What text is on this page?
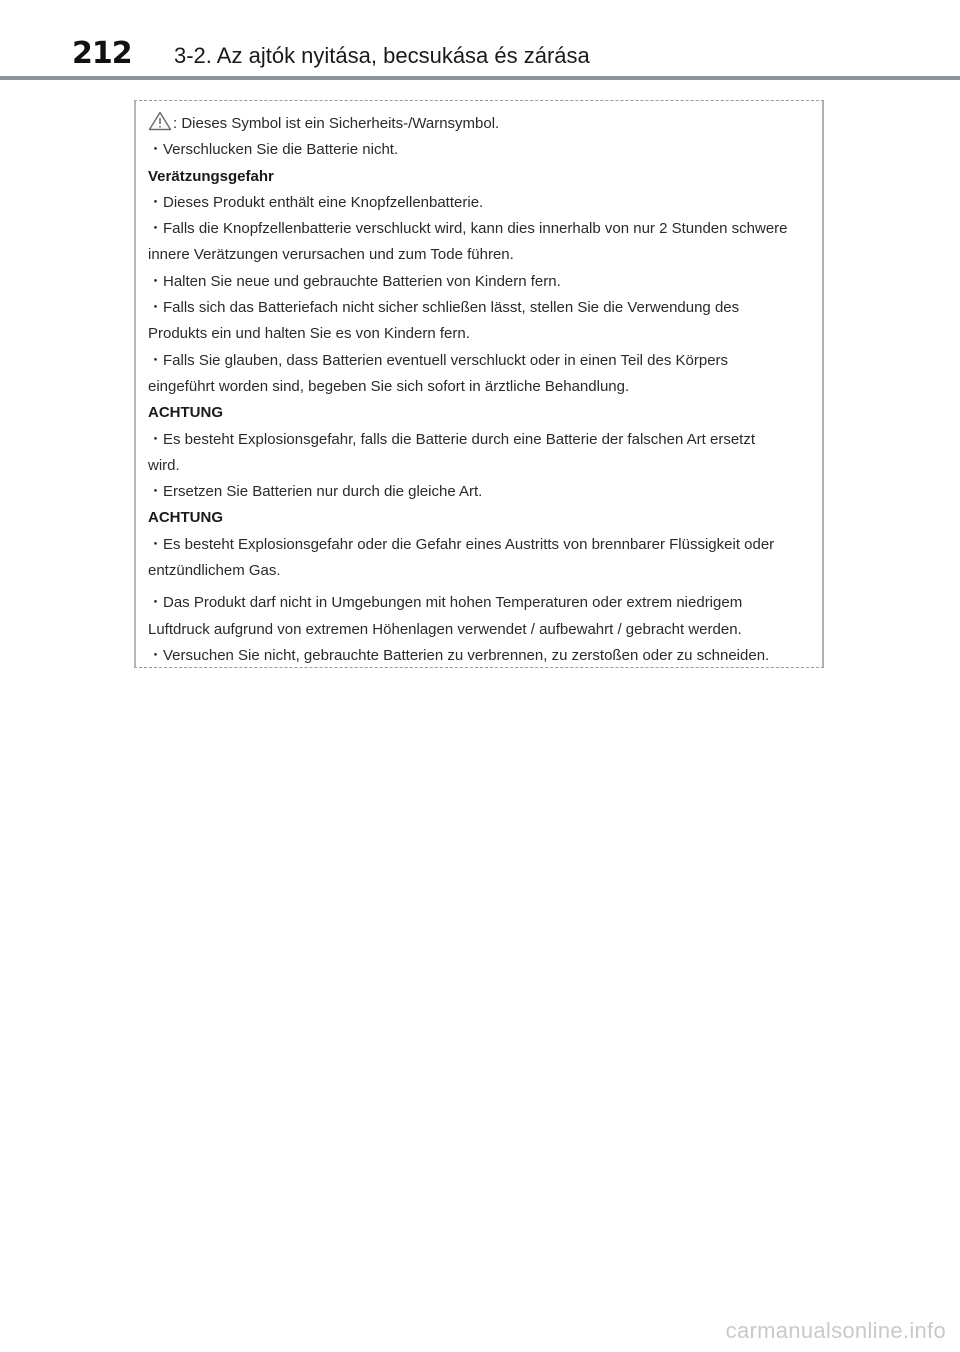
212 3-2. Az ajtók nyitása, becsukása és zárása
: Dieses Symbol ist ein Sicherheits-/Warnsymbol.
・Verschlucken Sie die Batterie nicht.
Verätzungsgefahr
・Dieses Produkt enthält eine Knopfzellenbatterie.
・Falls die Knopfzellenbatterie verschluckt wird, kann dies innerhalb von nur 2 Stunden schwere
innere Verätzungen verursachen und zum Tode führen.
・Halten Sie neue und gebrauchte Batterien von Kindern fern.
・Falls sich das Batteriefach nicht sicher schließen lässt, stellen Sie die Verwendung des
Produkts ein und halten Sie es von Kindern fern.
・Falls Sie glauben, dass Batterien eventuell verschluckt oder in einen Teil des Körpers
eingeführt worden sind, begeben Sie sich sofort in ärztliche Behandlung.
ACHTUNG
・Es besteht Explosionsgefahr, falls die Batterie durch eine Batterie der falschen Art ersetzt
wird.
・Ersetzen Sie Batterien nur durch die gleiche Art.
ACHTUNG
・Es besteht Explosionsgefahr oder die Gefahr eines Austritts von brennbarer Flüssigkeit oder
entzündlichem Gas.
・Das Produkt darf nicht in Umgebungen mit hohen Temperaturen oder extrem niedrigem
Luftdruck aufgrund von extremen Höhenlagen verwendet / aufbewahrt / gebracht werden.
・Versuchen Sie nicht, gebrauchte Batterien zu verbrennen, zu zerstoßen oder zu schneiden.
carmanualsonline.info
